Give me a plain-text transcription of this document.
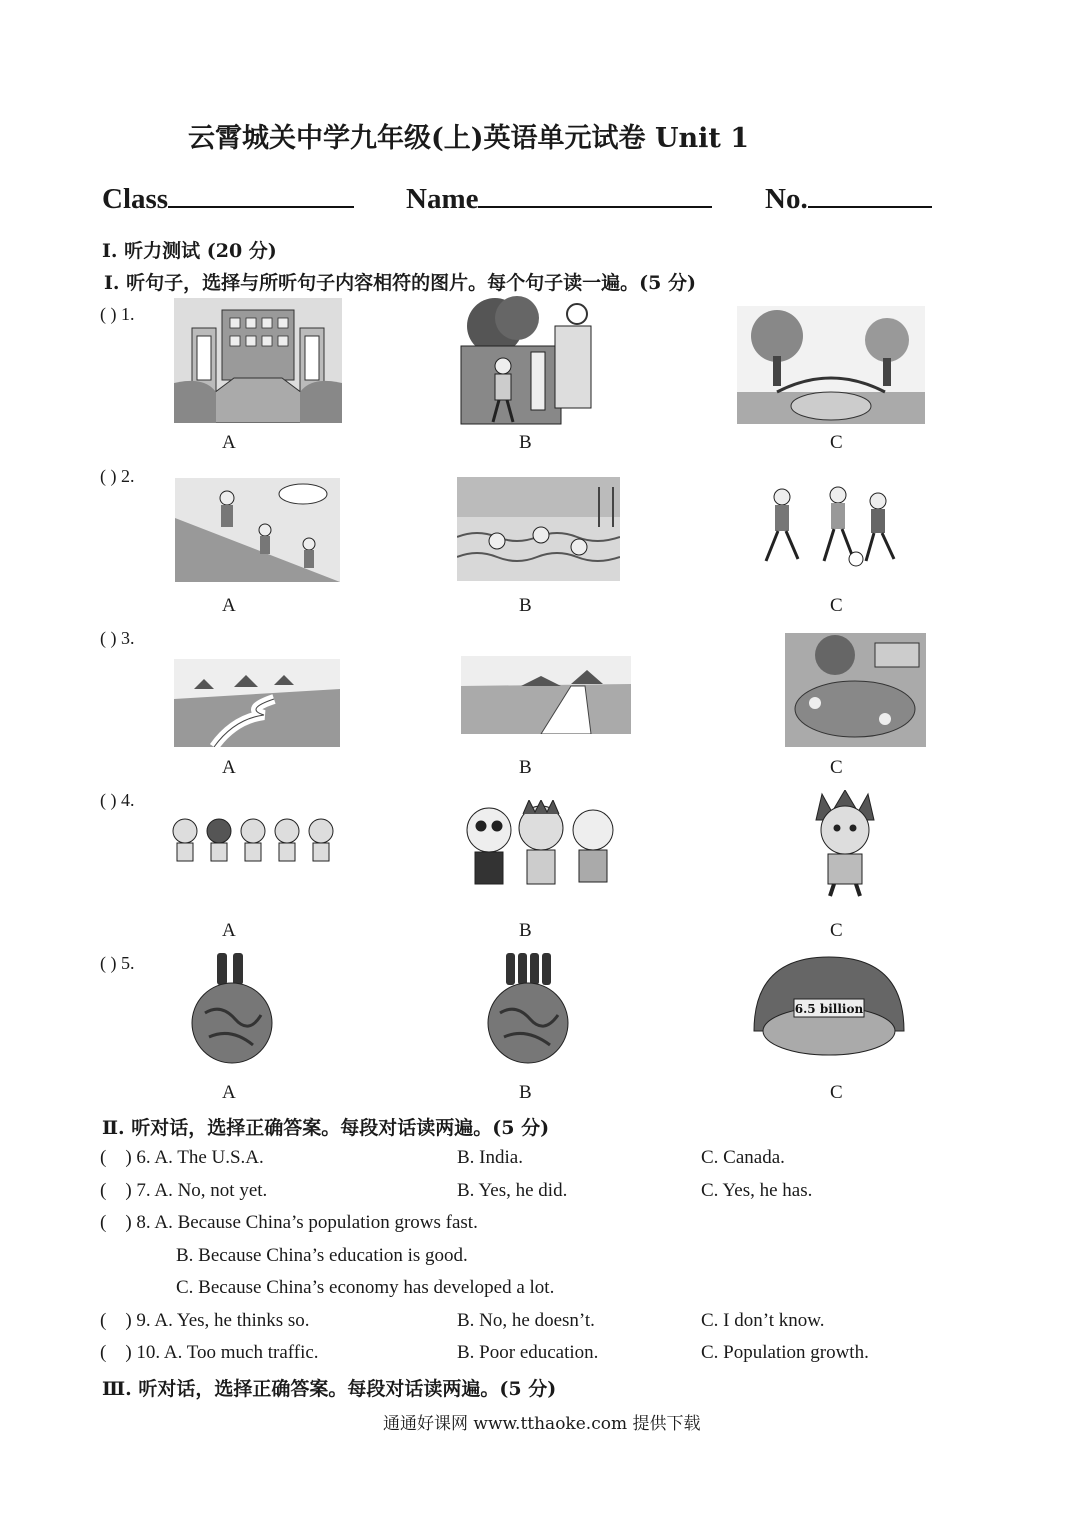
云霄城关中学九年级(上)英语单元试卷 Unit 1
Class	Name	No.
I. 听力测试 (20 分)
Ⅰ. 听句子，选择与所听句子内容相符的图片。每个句子读一遍。(5 分)
( ) 1.
A	B	C
( ) 2.
A	B	C
( ) 3.
A	B	C
( ) 4.
A	B	C
( ) 5.
6.5 billion
A	B	C
Ⅱ. 听对话，选择正确答案。每段对话读两遍。(5 分)
( ) 6. A. The U.S.A.	B. India.	C. Canada.
( ) 7. A. No, not yet.	B. Yes, he did.	C. Yes, he has.
( ) 8. A. Because China’s population grows fast.
B. Because China’s education is good.
C. Because China’s economy has developed a lot.
( ) 9. A. Yes, he thinks so.	B. No, he doesn’t.	C. I don’t know.
( ) 10. A. Too much traffic.	B. Poor education.	C. Population growth.
Ⅲ. 听对话，选择正确答案。每段对话读两遍。(5 分)
通通好课网 www.tthaoke.com 提供下载
